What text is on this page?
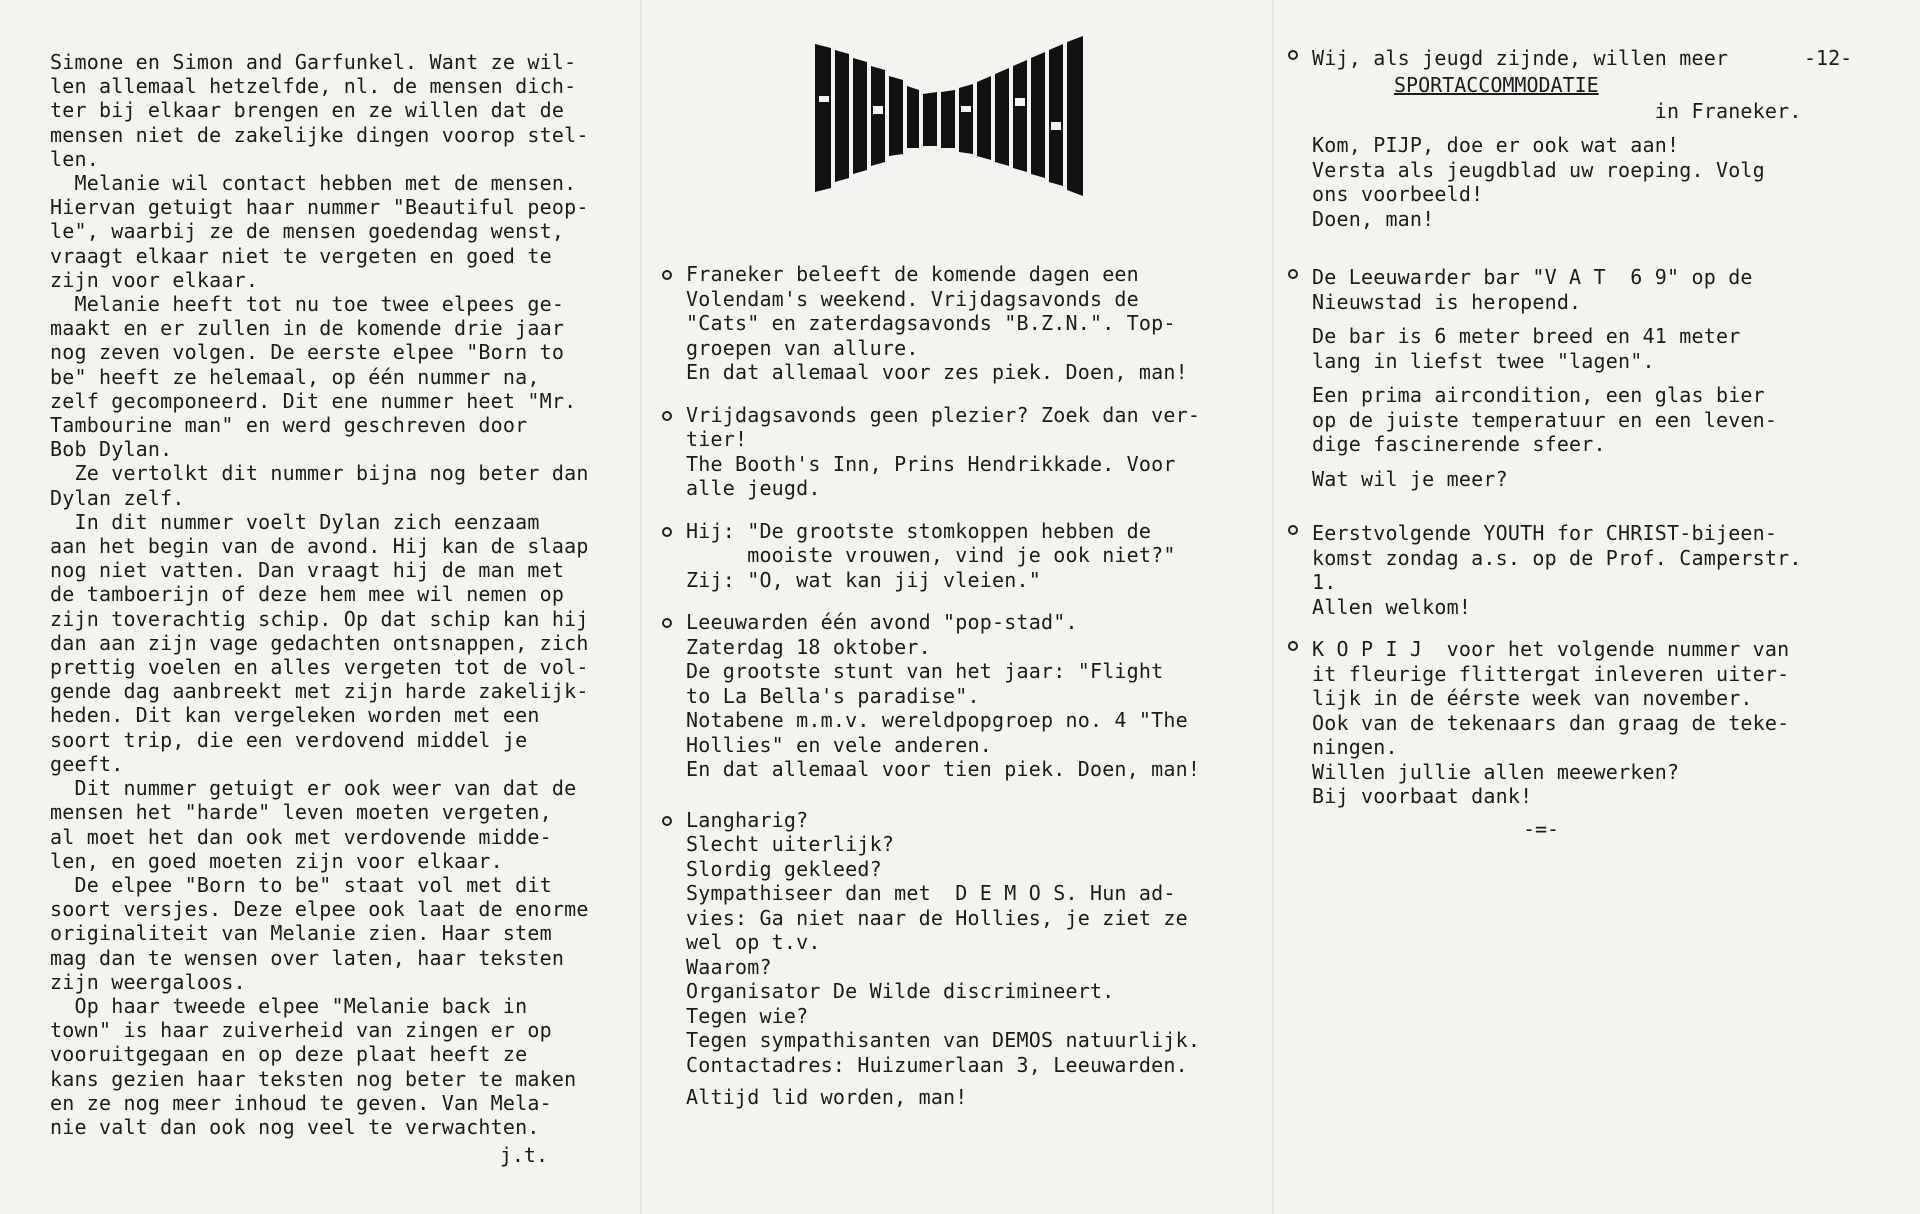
-12-
Simone en Simon and Garfunkel. Want ze wil-
len allemaal hetzelfde, nl. de mensen dich-
ter bij elkaar brengen en ze willen dat de
mensen niet de zakelijke dingen voorop stel-
len.
Melanie wil contact hebben met de mensen.
Hiervan getuigt haar nummer "Beautiful peop-
le", waarbij ze de mensen goedendag wenst,
vraagt elkaar niet te vergeten en goed te
zijn voor elkaar.
Melanie heeft tot nu toe twee elpees ge-
maakt en er zullen in de komende drie jaar
nog zeven volgen. De eerste elpee "Born to
be" heeft ze helemaal, op één nummer na,
zelf gecomponeerd. Dit ene nummer heet "Mr.
Tambourine man" en werd geschreven door
Bob Dylan.
Ze vertolkt dit nummer bijna nog beter dan
Dylan zelf.
In dit nummer voelt Dylan zich eenzaam
aan het begin van de avond. Hij kan de slaap
nog niet vatten. Dan vraagt hij de man met
de tamboerijn of deze hem mee wil nemen op
zijn toverachtig schip. Op dat schip kan hij
dan aan zijn vage gedachten ontsnappen, zich
prettig voelen en alles vergeten tot de vol-
gende dag aanbreekt met zijn harde zakelijk-
heden. Dit kan vergeleken worden met een
soort trip, die een verdovend middel je
geeft.
Dit nummer getuigt er ook weer van dat de
mensen het "harde" leven moeten vergeten,
al moet het dan ook met verdovende midde-
len, en goed moeten zijn voor elkaar.
De elpee "Born to be" staat vol met dit
soort versjes. Deze elpee ook laat de enorme
originaliteit van Melanie zien. Haar stem
mag dan te wensen over laten, haar teksten
zijn weergaloos.
Op haar tweede elpee "Melanie back in
town" is haar zuiverheid van zingen er op
vooruitgegaan en op deze plaat heeft ze
kans gezien haar teksten nog beter te maken
en ze nog meer inhoud te geven. Van Mela-
nie valt dan ook nog veel te verwachten.
j.t.
Franeker beleeft de komende dagen een
Volendam's weekend. Vrijdagsavonds de
"Cats" en zaterdagsavonds "B.Z.N.". Top-
groepen van allure.
En dat allemaal voor zes piek. Doen, man!
Vrijdagsavonds geen plezier? Zoek dan ver-
tier!
The Booth's Inn, Prins Hendrikkade. Voor
alle jeugd.
Hij: "De grootste stomkoppen hebben de
mooiste vrouwen, vind je ook niet?"
Zij: "O, wat kan jij vleien."
Leeuwarden één avond "pop-stad".
Zaterdag 18 oktober.
De grootste stunt van het jaar: "Flight
to La Bella's paradise".
Notabene m.m.v. wereldpopgroep no. 4 "The
Hollies" en vele anderen.
En dat allemaal voor tien piek. Doen, man!
Langharig?
Slecht uiterlijk?
Slordig gekleed?
Sympathiseer dan met  D E M O S. Hun ad-
vies: Ga niet naar de Hollies, je ziet ze
wel op t.v.
Waarom?
Organisator De Wilde discrimineert.
Tegen wie?
Tegen sympathisanten van DEMOS natuurlijk.
Contactadres: Huizumerlaan 3, Leeuwarden.
Altijd lid worden, man!
Wij, als jeugd zijnde, willen meer
SPORTACCOMMODATIE
in Franeker.
Kom, PIJP, doe er ook wat aan!
Versta als jeugdblad uw roeping. Volg
ons voorbeeld!
Doen, man!
De Leeuwarder bar "V A T  6 9" op de
Nieuwstad is heropend.
De bar is 6 meter breed en 41 meter
lang in liefst twee "lagen".
Een prima aircondition, een glas bier
op de juiste temperatuur en een leven-
dige fascinerende sfeer.
Wat wil je meer?
Eerstvolgende YOUTH for CHRIST-bijeen-
komst zondag a.s. op de Prof. Camperstr.
1.
Allen welkom!
K O P I J  voor het volgende nummer van
it fleurige flittergat inleveren uiter-
lijk in de éérste week van november.
Ook van de tekenaars dan graag de teke-
ningen.
Willen jullie allen meewerken?
Bij voorbaat dank!
-=-
